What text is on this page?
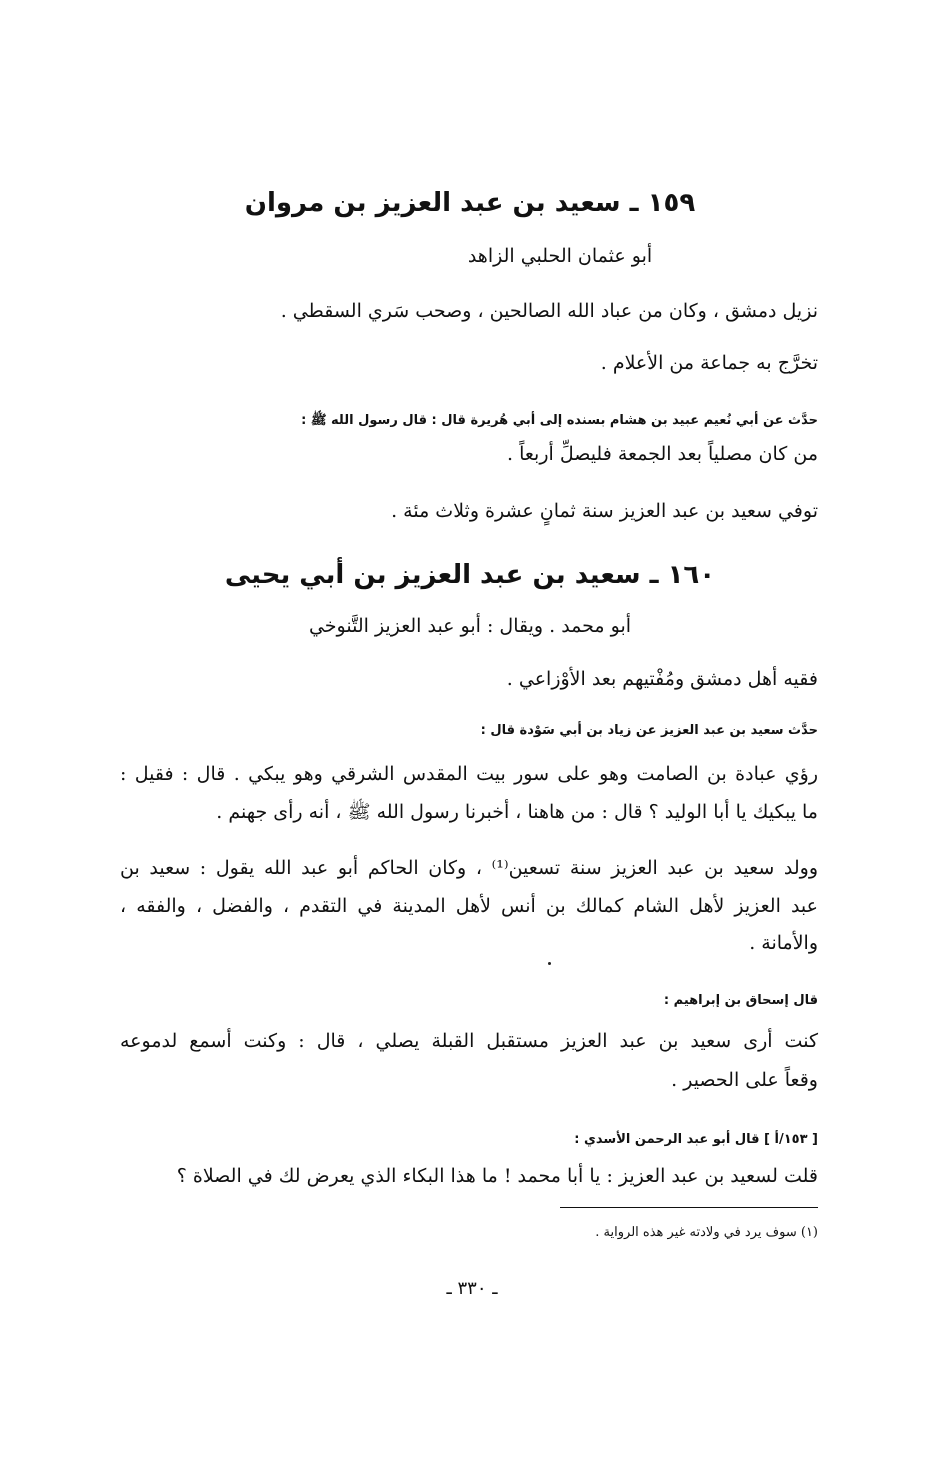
١٥٩ ـ سعيد بن عبد العزيز بن مروان
أبو عثمان الحلبي الزاهد
نزيل دمشق ، وكان من عباد الله الصالحين ، وصحب سَري السقطي .
تخرَّج به جماعة من الأعلام .
حدَّث عن أبي نُعيم عبيد بن هشام بسنده إلى أبي هُريرة قال : قال رسول الله ﷺ :
من كان مصلياً بعد الجمعة فليصلِّ أربعاً .
توفي سعيد بن عبد العزيز سنة ثمانٍ عشرة وثلاث مئة .
١٦٠ ـ سعيد بن عبد العزيز بن أبي يحيى
أبو محمد . ويقال : أبو عبد العزيز التَّنوخي
فقيه أهل دمشق ومُفْتيهم بعد الأوْزاعي .
حدَّث سعيد بن عبد العزيز عن زياد بن أبي سَوْدة قال :
رؤي عبادة بن الصامت وهو على سور بيت المقدس الشرقي وهو يبكي . قال : فقيل :
ما يبكيك يا أبا الوليد ؟ قال : من هاهنا ، أخبرنا رسول الله ﷺ ، أنه رأى جهنم .
وولد سعيد بن عبد العزيز سنة تسعين⁽¹⁾ ، وكان الحاكم أبو عبد الله يقول : سعيد بن
عبد العزيز لأهل الشام كمالك بن أنس لأهل المدينة في التقدم ، والفضل ، والفقه ،
والأمانة .
قال إسحاق بن إبراهيم :
كنت أرى سعيد بن عبد العزيز مستقبل القبلة يصلي ، قال : وكنت أسمع لدموعه
وقعاً على الحصير .
[ ١٥٣/أ ] قال أبو عبد الرحمن الأسدي :
قلت لسعيد بن عبد العزيز : يا أبا محمد ! ما هذا البكاء الذي يعرض لك في الصلاة ؟
(١) سوف يرد في ولادته غير هذه الرواية .
ـ ٣٣٠ ـ
